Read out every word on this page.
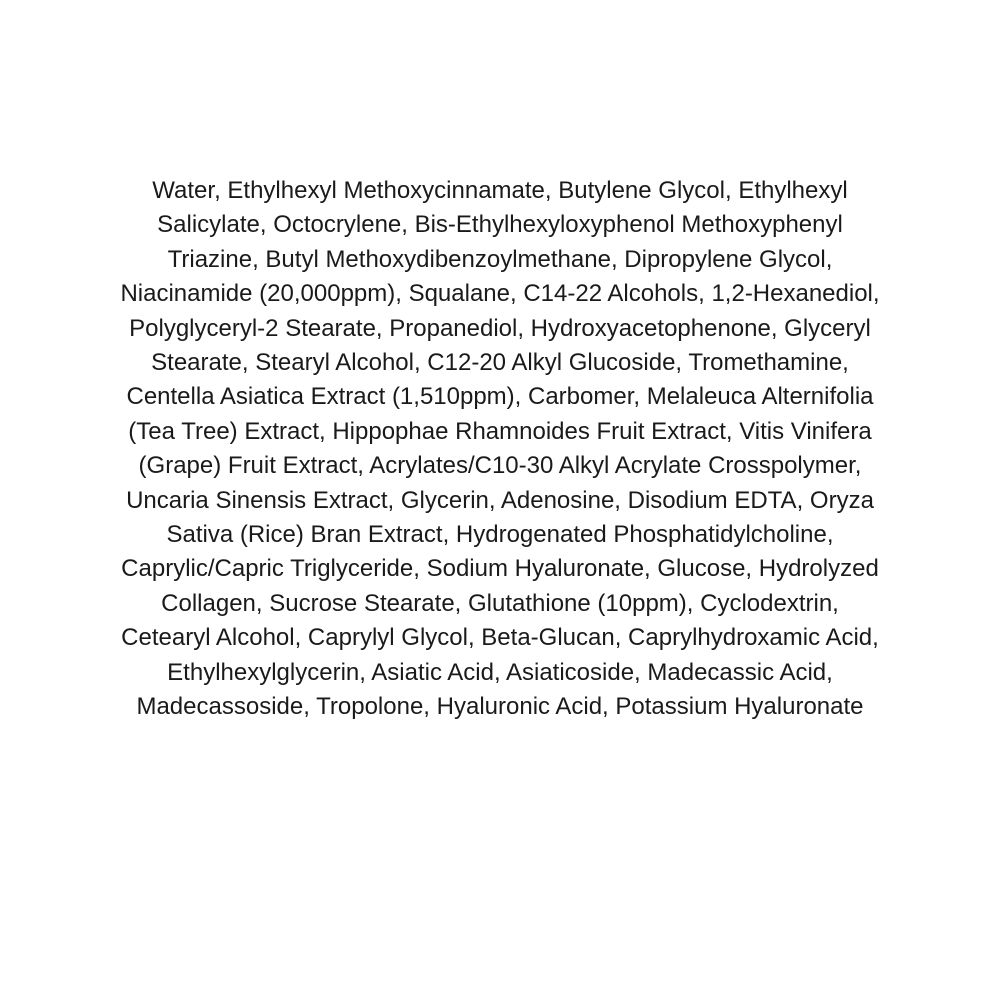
Water, Ethylhexyl Methoxycinnamate, Butylene Glycol, Ethylhexyl
Salicylate, Octocrylene, Bis-Ethylhexyloxyphenol Methoxyphenyl
Triazine, Butyl Methoxydibenzoylmethane, Dipropylene Glycol,
Niacinamide (20,000ppm), Squalane, C14-22 Alcohols, 1,2-Hexanediol,
Polyglyceryl-2 Stearate, Propanediol, Hydroxyacetophenone, Glyceryl
Stearate, Stearyl Alcohol, C12-20 Alkyl Glucoside, Tromethamine,
Centella Asiatica Extract (1,510ppm), Carbomer, Melaleuca Alternifolia
(Tea Tree) Extract, Hippophae Rhamnoides Fruit Extract, Vitis Vinifera
(Grape) Fruit Extract, Acrylates/C10-30 Alkyl Acrylate Crosspolymer,
Uncaria Sinensis Extract, Glycerin, Adenosine, Disodium EDTA, Oryza
Sativa (Rice) Bran Extract, Hydrogenated Phosphatidylcholine,
Caprylic/Capric Triglyceride, Sodium Hyaluronate, Glucose, Hydrolyzed
Collagen, Sucrose Stearate, Glutathione (10ppm), Cyclodextrin,
Cetearyl Alcohol, Caprylyl Glycol, Beta-Glucan, Caprylhydroxamic Acid,
Ethylhexylglycerin, Asiatic Acid, Asiaticoside, Madecassic Acid,
Madecassoside, Tropolone, Hyaluronic Acid, Potassium Hyaluronate
